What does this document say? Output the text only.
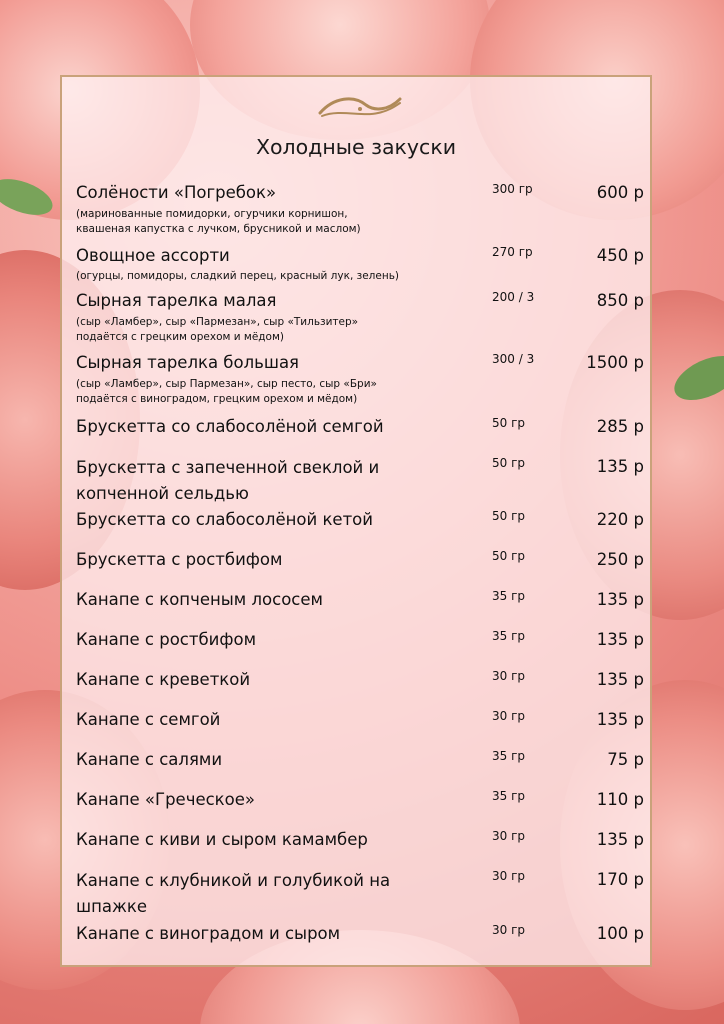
Холодные закуски
Солёности «Погребок»
(маринованные помидорки, огурчики корнишон,
квашеная капустка с лучком, брусникой и маслом)
300 гр	600 р
Овощное ассорти
(огурцы, помидоры, сладкий перец, красный лук, зелень)
270 гр	450 р
Сырная тарелка малая
(сыр «Ламбер», сыр «Пармезан», сыр «Тильзитер»
подаётся с грецким орехом и мёдом)
200 / 3	850 р
Сырная тарелка большая
(сыр «Ламбер», сыр Пармезан», сыр песто, сыр «Бри»
подаётся с виноградом, грецким орехом и мёдом)
300 / 3	1500 р
Брускетта со слабосолёной семгой	50 гр	285 р
Брускетта с запеченной свеклой и копченной сельдью
50 гр	135 р
Брускетта со слабосолёной кетой	50 гр	220 р
Брускетта с ростбифом	50 гр	250 р
Канапе с копченым лососем	35 гр	135 р
Канапе с ростбифом	35 гр	135 р
Канапе с креветкой	30 гр	135 р
Канапе с семгой	30 гр	135 р
Канапе с салями	35 гр	75 р
Канапе «Греческое»	35 гр	110 р
Канапе с киви и сыром камамбер	30 гр	135 р
Канапе с клубникой и голубикой на шпажке
30 гр	170 р
Канапе с виноградом и сыром	30 гр	100 р
